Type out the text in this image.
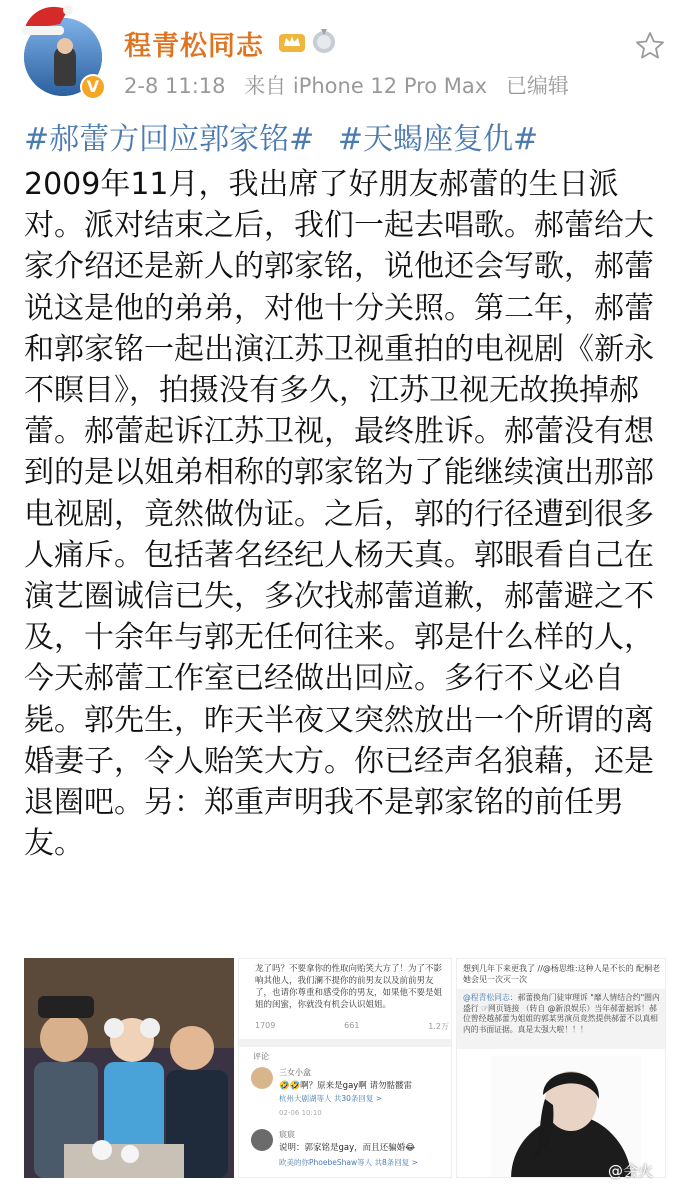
V
程青松同志
2-8 11:18 来自 iPhone 12 Pro Max 已编辑
#郝蕾方回应郭家铭# #天蝎座复仇#
2009年11月，我出席了好朋友郝蕾的生日派对。派对结束之后，我们一起去唱歌。郝蕾给大家介绍还是新人的郭家铭，说他还会写歌，郝蕾说这是他的弟弟，对他十分关照。第二年，郝蕾和郭家铭一起出演江苏卫视重拍的电视剧《新永不瞑目》，拍摄没有多久，江苏卫视无故换掉郝蕾。郝蕾起诉江苏卫视，最终胜诉。郝蕾没有想到的是以姐弟相称的郭家铭为了能继续演出那部电视剧，竟然做伪证。之后，郭的行径遭到很多人痛斥。包括著名经纪人杨天真。郭眼看自己在演艺圈诚信已失，多次找郝蕾道歉，郝蕾避之不及，十余年与郭无任何往来。郭是什么样的人，今天郝蕾工作室已经做出回应。多行不义必自毙。郭先生，昨天半夜又突然放出一个所谓的离婚妻子，令人贻笑大方。你已经声名狼藉，还是退圈吧。另：郑重声明我不是郭家铭的前任男友。
龙了吗？不要拿你的性取向贻笑大方了！为了不影响其他人，我们澜不提你的前男友以及前前男友了，也请你尊重和感受你的男友，如果他不要是姐姐的闺蜜，你就没有机会认识姐姐。
1709	661	1.2万
评论
三女小盒
🤣🤣啊？原来是gay啊 请勿骷髅雷
杭州大剧湖等人 共30条回复 >
02-06 10:10
宸宸
说明：郭家铭是gay，而且还骗婚😂
欧美的你PhoebeShaw等人 共8条回复 >
想到几年下来更我了 //@杨思维:这种人是不长的 配桐老她会见一次灭一次
@程青松同志：郝蕾换角门徒审理诉 "靡人情结合约"圈内盛行 ☞网页链接 （转自 @新浪娱乐）当年郝蕾据诉！郝位曾经越郝蕾为姐姐的郭某男演员竟然提供郝蕾不以真相内的书面证据。真是太强大啦！！！
@会火
